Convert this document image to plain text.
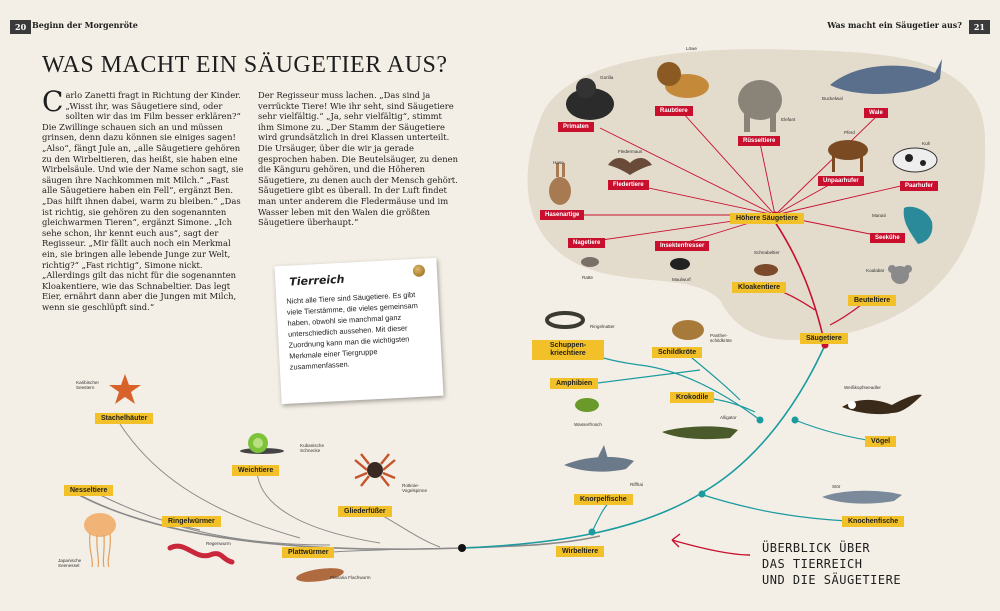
20 Beginn der Morgenröte	Was macht ein Säugetier aus?	21
WAS MACHT EIN SÄUGETIER AUS?
C arlo Zanetti fragt in Richtung der Kinder. „Wisst ihr, was Säugetiere sind, oder sollten wir das im Film besser erklären?“ Die Zwillinge schauen sich an und müssen grinsen, denn dazu können sie einiges sagen! „Also“, fängt Jule an, „alle Säugetiere gehören zu den Wirbeltieren, das heißt, sie haben eine Wirbelsäule. Und wie der Name schon sagt, sie säugen ihre Nachkommen mit Milch.“ „Fast alle Säugetiere haben ein Fell“, ergänzt Ben. „Das hilft ihnen dabei, warm zu bleiben.“ „Das ist richtig, sie gehören zu den sogenannten gleichwarmen Tieren“, ergänzt Simone. „Ich sehe schon, ihr kennt euch aus“, sagt der Regisseur. „Mir fällt auch noch ein Merkmal ein, sie bringen alle lebende Junge zur Welt, richtig?“ „Fast richtig“, Simone nickt. „Allerdings gilt das nicht für die sogenannten Kloakentiere, wie das Schnabeltier. Das legt Eier, ernährt dann aber die Jungen mit Milch, wenn sie geschlüpft sind.“
Der Regisseur muss lachen. „Das sind ja verrückte Tiere! Wie ihr seht, sind Säugetiere sehr vielfältig.“ „Ja, sehr vielfältig“, stimmt ihm Simone zu. „Der Stamm der Säugetiere wird grundsätzlich in drei Klassen unterteilt. Die Ursäuger, über die wir ja gerade gesprochen haben. Die Beutelsäuger, zu denen die Känguru gehören, und die Höheren Säugetiere, zu denen auch der Mensch gehört. Säugetiere gibt es überall. In der Luft findet man unter anderem die Fledermäuse und im Wasser leben mit den Walen die größten Säugetiere überhaupt.“
Tierreich
Nicht alle Tiere sind Säugetiere. Es gibt viele Tierstämme, die vieles gemeinsam haben, obwohl sie manchmal ganz unterschiedlich aussehen. Mit dieser Zuordnung kann man die wichtigsten Merkmale einer Tiergruppe zusammenfassen.
Stachelhäuter
Weichtiere
Nesseltiere
Ringelwürmer
Gliederfüßer
Plattwürmer	Wirbeltiere
Knorpelfische
Knochenfische
Vögel
Krokodile
Amphibien
Schuppen-kriechtiere	Schildkröte
Säugetiere
Kloakentiere
Beuteltiere
Höhere Säugetiere
Primaten
Raubtiere
Rüsseltiere
Wale
Fledertiere
Hasenartige
Unpaarhufer
Paarhufer
Nagetiere	Insektenfresser
Seekühe
Gorilla
Löwe
Elefant
Buckelwal
Fledermaus
Hase
Pferd
Kuh
Manati
Ratte	Maulwurf
Schnabeltier
Koalabär
Karibischer Seestern
Kubanische Schnecke
Rotknie-Vogelspinne
Japanische Seenessel
Regenwurm
Planaria Flachwurm
Ringelnatter
Panther-schildkröte
Wasserfrosch
Alligator
Weißkopfseeadler
Riffhai	Stör
ÜBERBLICK ÜBER
DAS TIERREICH
UND DIE SÄUGETIERE
